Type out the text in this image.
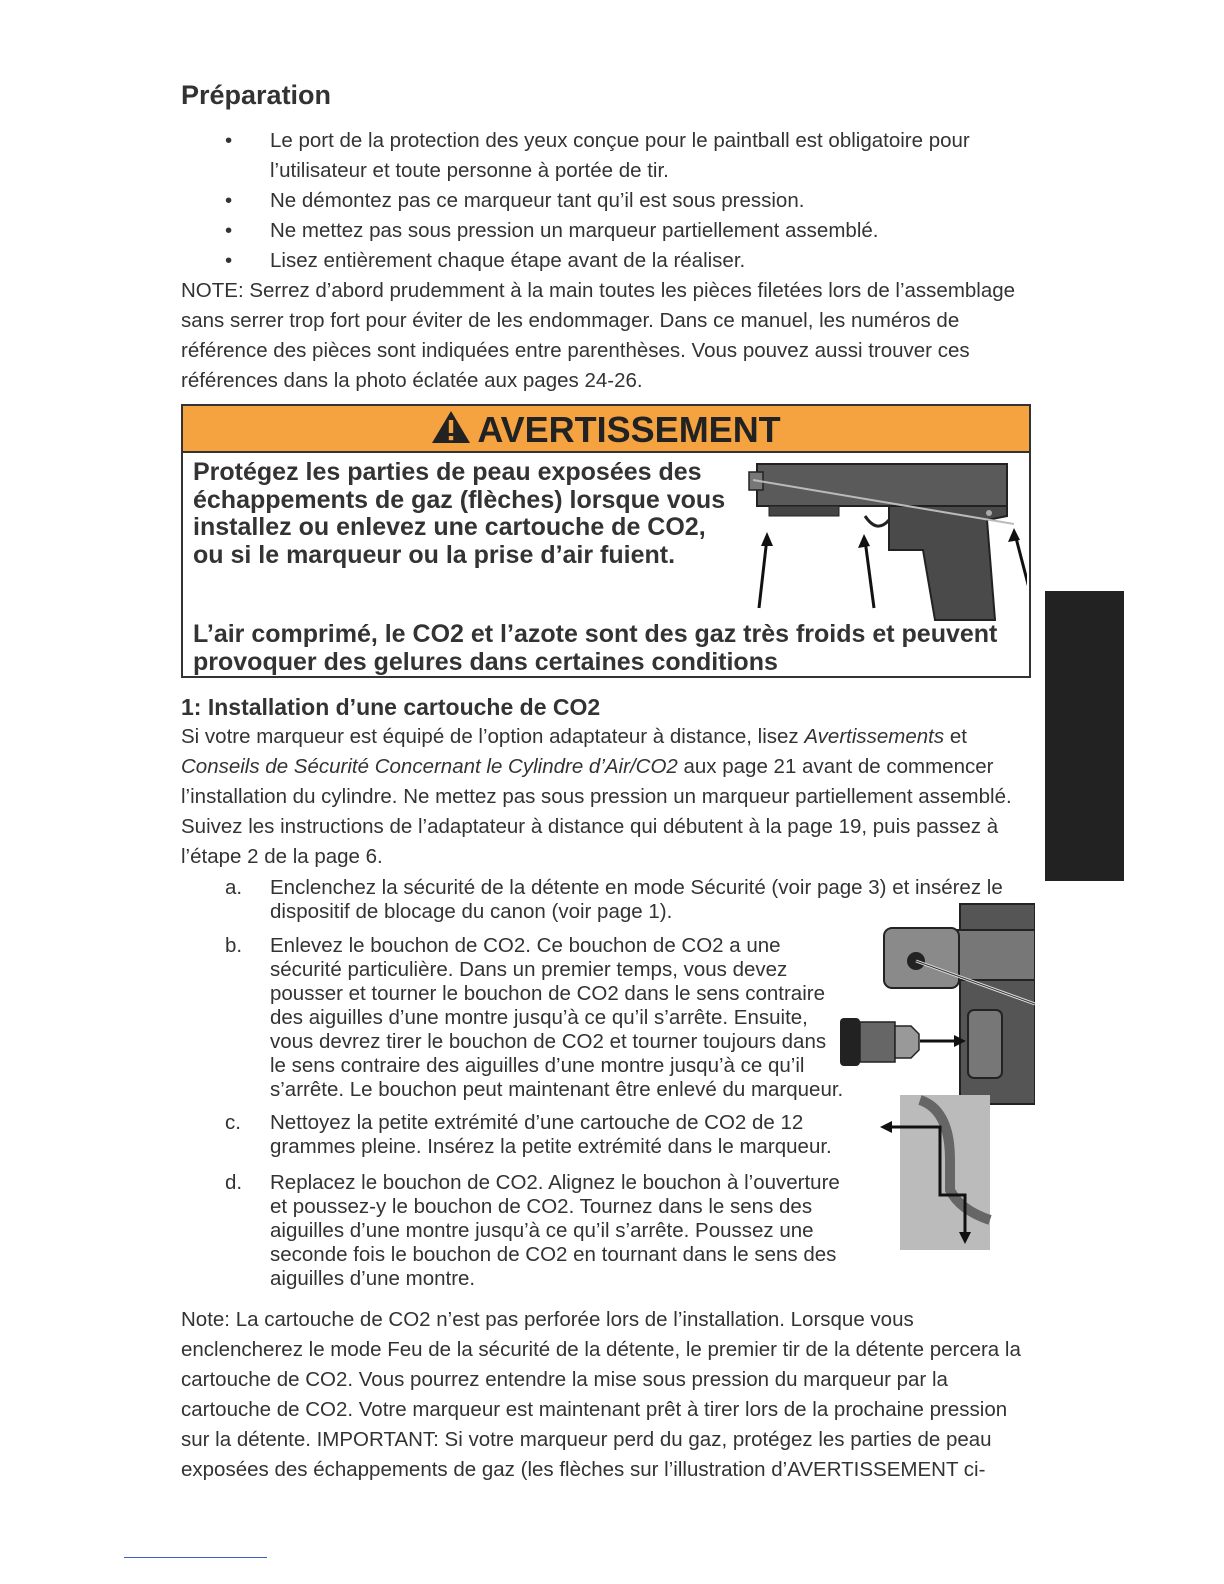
Préparation
•	Le port de la protection des yeux conçue pour le paintball est obligatoire pour l’utilisateur et toute personne à portée de tir.
•	Ne démontez pas ce marqueur tant qu’il est sous pression.
•	Ne mettez pas sous pression un marqueur partiellement assemblé.
•	Lisez entièrement chaque étape avant de la réaliser.
NOTE: Serrez d’abord prudemment à la main toutes les pièces filetées lors de l’assemblage sans serrer trop fort pour éviter de les endommager. Dans ce manuel, les numéros de référence des pièces sont indiquées entre parenthèses. Vous pouvez aussi trouver ces références dans la photo éclatée aux pages 24-26.
AVERTISSEMENT
Protégez les parties de peau exposées des échappements de gaz (flèches) lorsque vous installez ou enlevez une cartouche de CO2, ou si le marqueur ou la prise d’air fuient.
L’air comprimé, le CO2 et l’azote sont des gaz très froids et peuvent provoquer des gelures dans certaines conditions
1: Installation d’une cartouche de CO2
Si votre marqueur est équipé de l’option adaptateur à distance, lisez Avertissements et Conseils de Sécurité Concernant le Cylindre d’Air/CO2 aux page 21 avant de commencer l’installation du cylindre. Ne mettez pas sous pression un marqueur partiellement assemblé. Suivez les instructions de l’adaptateur à distance qui débutent à la page 19, puis passez à l’étape 2 de la page 6.
a.	Enclenchez la sécurité de la détente en mode Sécurité (voir page 3) et insérez le dispositif de blocage du canon (voir page 1).
b.	Enlevez le bouchon de CO2. Ce bouchon de CO2 a une sécurité particulière. Dans un premier temps, vous devez pousser et tourner le bouchon de CO2 dans le sens contraire des aiguilles d’une montre jusqu’à ce qu’il s’arrête. Ensuite, vous devrez tirer le bouchon de CO2 et tourner toujours dans le sens contraire des aiguilles d’une montre jusqu’à ce qu’il s’arrête. Le bouchon peut maintenant être enlevé du marqueur.
c.	Nettoyez la petite extrémité d’une cartouche de CO2 de 12 grammes pleine. Insérez la petite extrémité dans le marqueur.
d.	Replacez le bouchon de CO2. Alignez le bouchon à l’ouverture et poussez-y le bouchon de CO2. Tournez dans le sens des aiguilles d’une montre jusqu’à ce qu’il s’arrête. Poussez une seconde fois le bouchon de CO2 en tournant dans le sens des aiguilles d’une montre.
Note: La cartouche de CO2 n’est pas perforée lors de l’installation. Lorsque vous enclencherez le mode Feu de la sécurité de la détente, le premier tir de la détente percera la cartouche de CO2. Vous pourrez entendre la mise sous pression du marqueur par la cartouche de CO2. Votre marqueur est maintenant prêt à tirer lors de la prochaine pression sur la détente. IMPORTANT: Si votre marqueur perd du gaz, protégez les parties de peau exposées des échappements de gaz (les flèches sur l’illustration d’AVERTISSEMENT ci-
